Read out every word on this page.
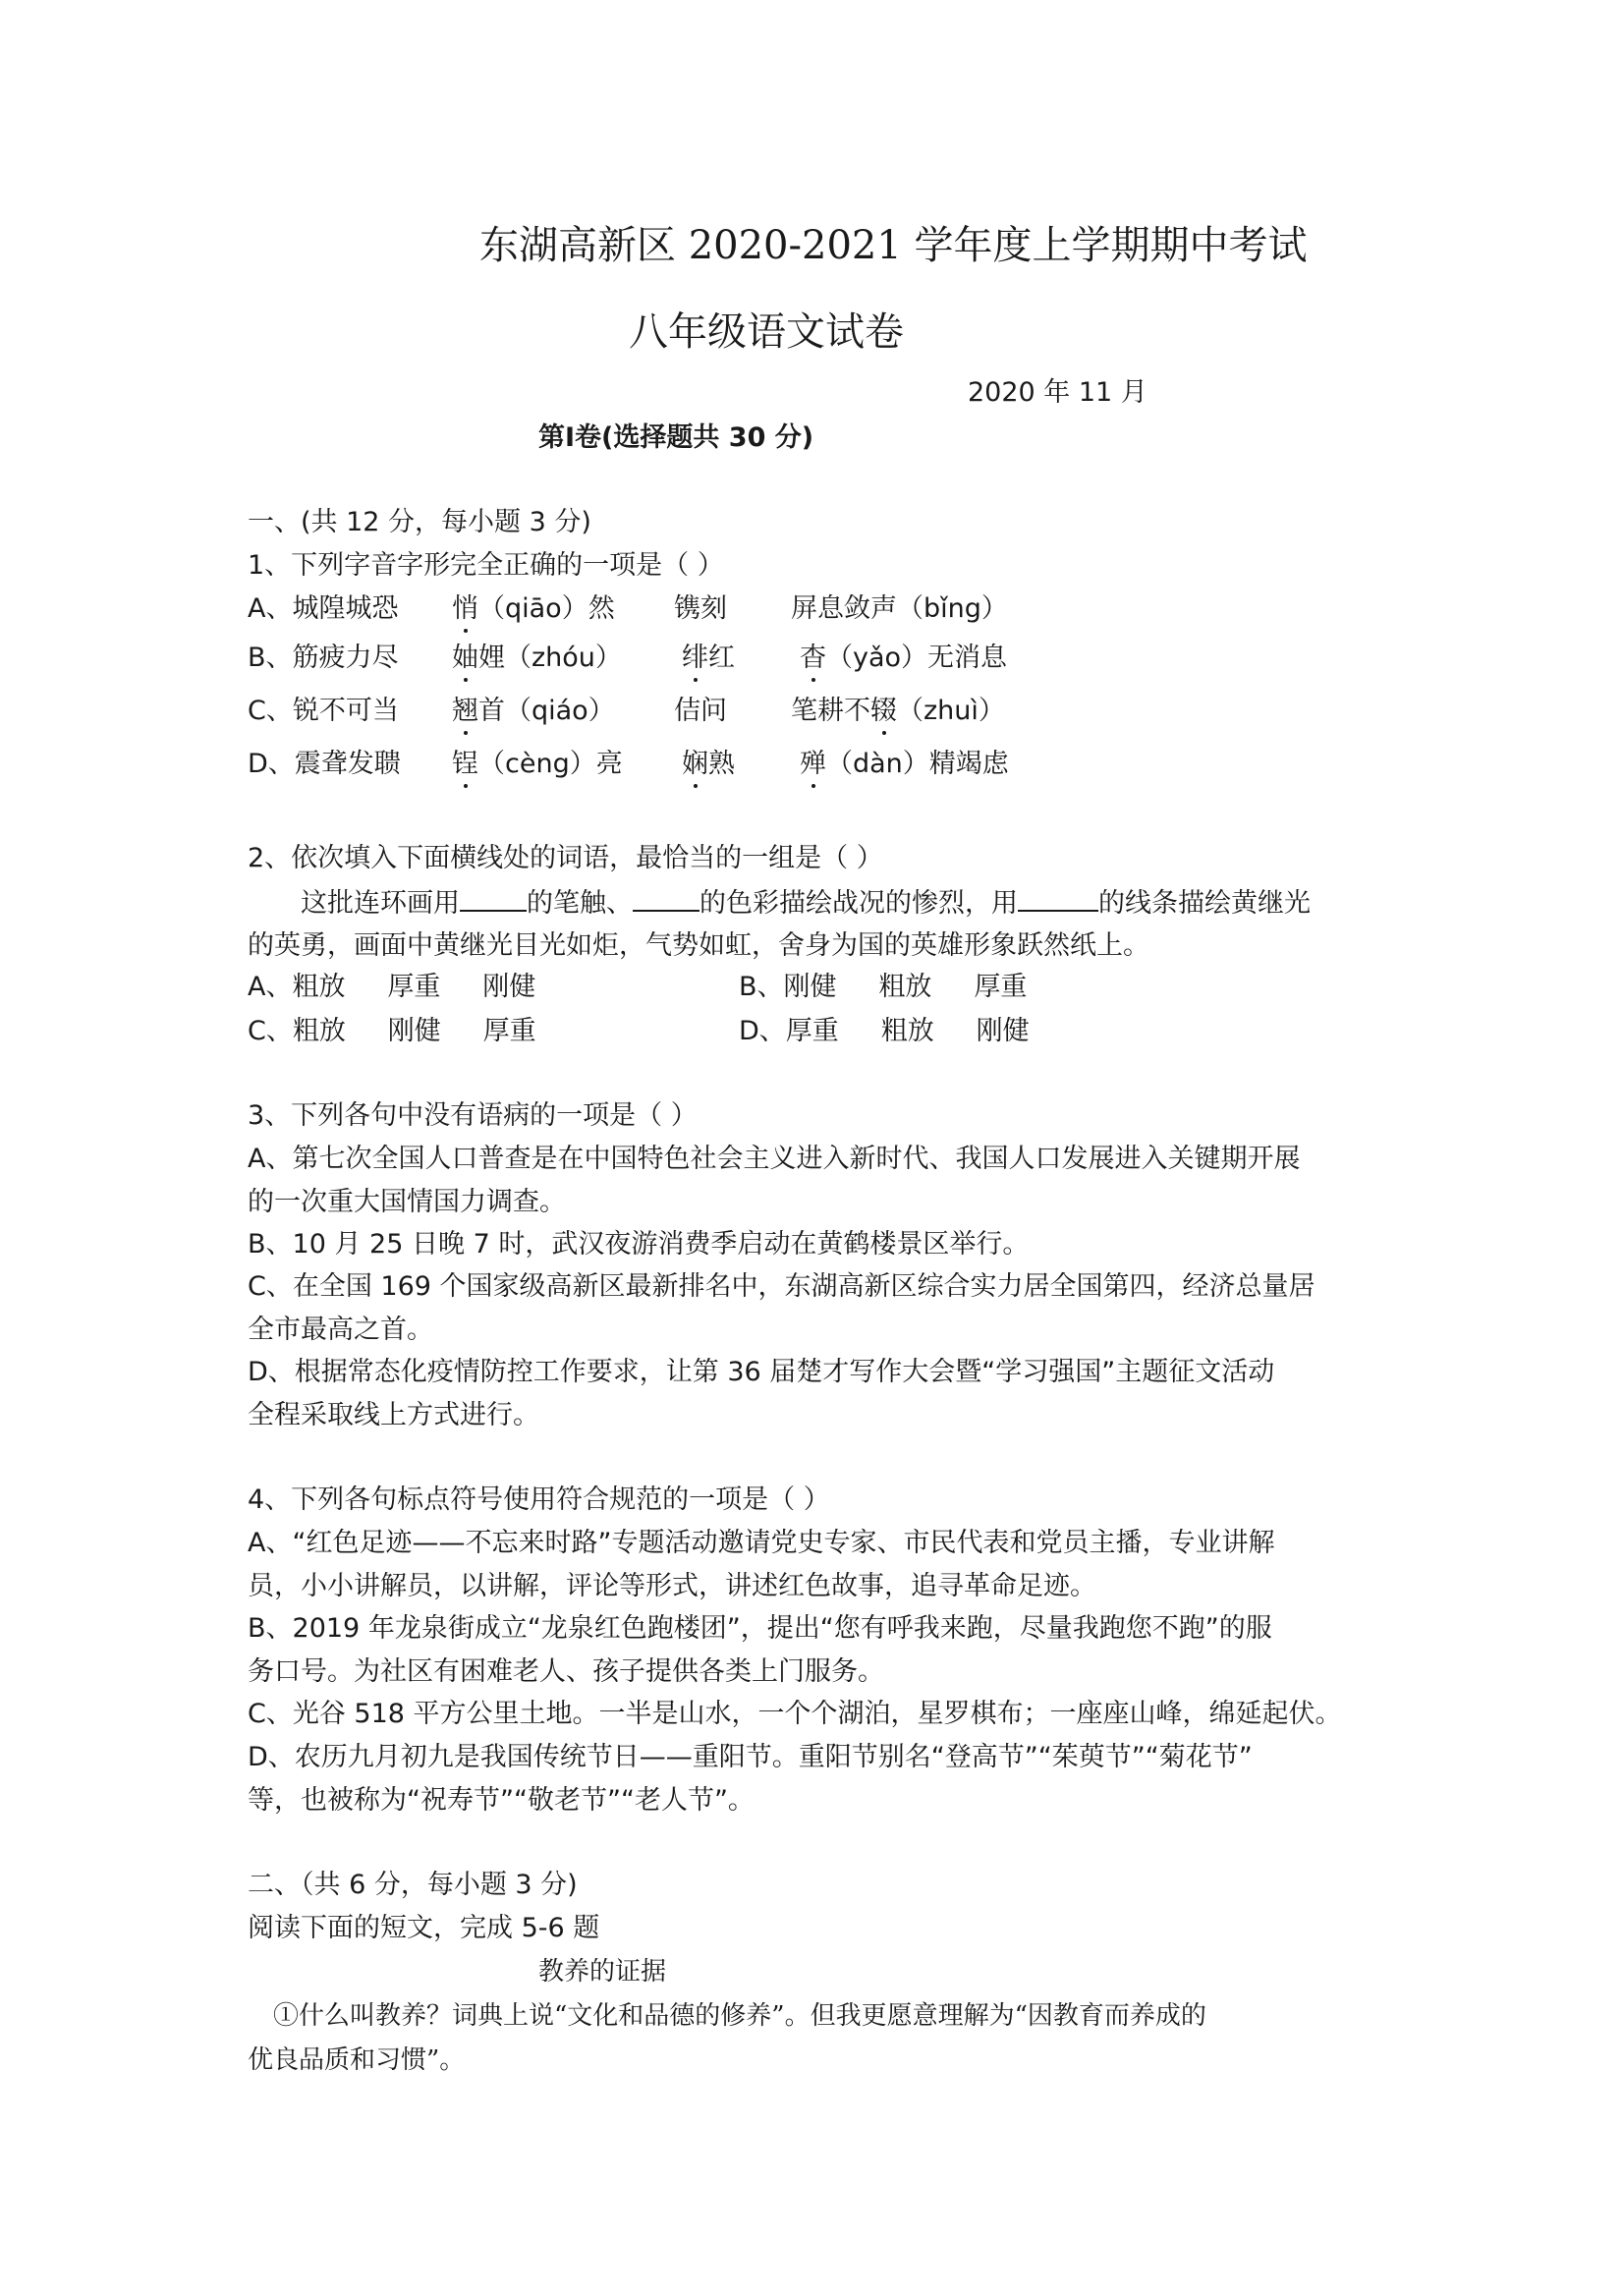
东湖高新区 2020-2021 学年度上学期期中考试
八年级语文试卷
2020 年 11 月
第Ⅰ卷(选择题共 30 分)
一、(共 12 分，每小题 3 分)
1、下列字音字形完全正确的一项是（ ）
A、城隍城恐 悄（qiāo）然 镌刻 屏息敛声（bǐng）
B、筋疲力尽 妯娌（zhóu） 绯红 杳（yǎo）无消息
C、锐不可当 翘首（qiáo） 佶问 笔耕不辍（zhuì）
D、震聋发聩 锃（cèng）亮 娴熟 殚（dàn）精竭虑
2、依次填入下面横线处的词语，最恰当的一组是（ ）
这批连环画用	的笔触、	的色彩描绘战况的惨烈，用	的线条描绘黄继光
的英勇，画面中黄继光目光如炬，气势如虹，舍身为国的英雄形象跃然纸上。
A、粗放     厚重     刚健	B、刚健     粗放     厚重
C、粗放     刚健     厚重	D、厚重     粗放     刚健
3、下列各句中没有语病的一项是（ ）
A、第七次全国人口普查是在中国特色社会主义进入新时代、我国人口发展进入关键期开展
的一次重大国情国力调查。
B、10 月 25 日晚 7 时，武汉夜游消费季启动在黄鹤楼景区举行。
C、在全国 169 个国家级高新区最新排名中，东湖高新区综合实力居全国第四，经济总量居
全市最高之首。
D、根据常态化疫情防控工作要求，让第 36 届楚才写作大会暨“学习强国”主题征文活动
全程采取线上方式进行。
4、下列各句标点符号使用符合规范的一项是（ ）
A、“红色足迹——不忘来时路”专题活动邀请党史专家、市民代表和党员主播，专业讲解
员，小小讲解员，以讲解，评论等形式，讲述红色故事，追寻革命足迹。
B、2019 年龙泉街成立“龙泉红色跑楼团”，提出“您有呼我来跑，尽量我跑您不跑”的服
务口号。为社区有困难老人、孩子提供各类上门服务。
C、光谷 518 平方公里土地。一半是山水，一个个湖泊，星罗棋布；一座座山峰，绵延起伏。
D、农历九月初九是我国传统节日——重阳节。重阳节别名“登高节”“茱萸节”“菊花节”
等，也被称为“祝寿节”“敬老节”“老人节”。
二、（共 6 分，每小题 3 分)
阅读下面的短文，完成 5-6 题
教养的证据
①什么叫教养？词典上说“文化和品德的修养”。但我更愿意理解为“因教育而养成的
优良品质和习惯”。
